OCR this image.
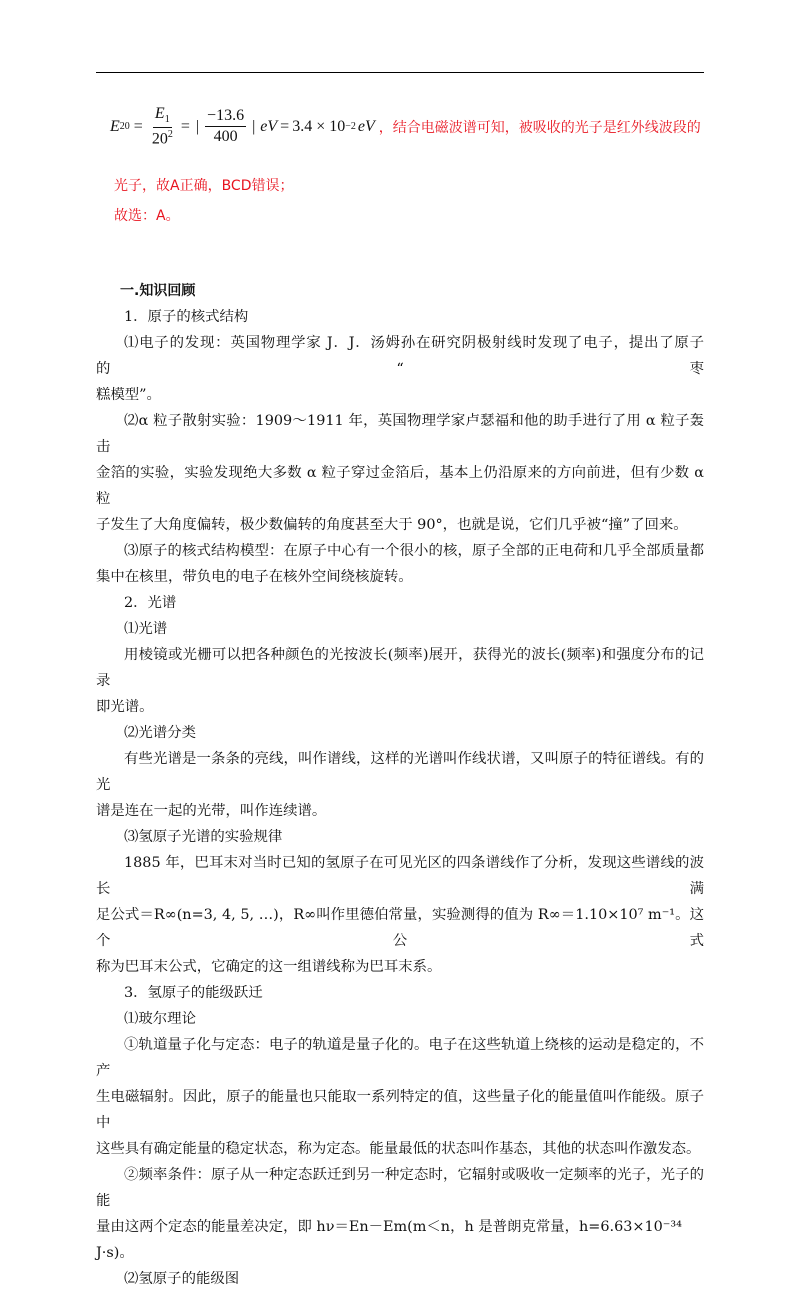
E $20 = \frac{E_1}{20^2}$ = | $\frac{-13.6}{400}$ | eV = 3.4 × 10 −2 eV ，结合电磁波谱可知，被吸收的光子是红外线波段的
光子，故A正确，BCD错误；
故选：A。

一.知识回顾

1．原子的核式结构

⑴电子的发现：英国物理学家 J．J．汤姆孙在研究阴极射线时发现了电子，提出了原子的“枣

糕模型”。

⑵α 粒子散射实验：1909～1911 年，英国物理学家卢瑟福和他的助手进行了用 α 粒子轰击

金箔的实验，实验发现绝大多数 α 粒子穿过金箔后，基本上仍沿原来的方向前进，但有少数 α 粒

子发生了大角度偏转，极少数偏转的角度甚至大于 90°，也就是说，它们几乎被“撞”了回来。

⑶原子的核式结构模型：在原子中心有一个很小的核，原子全部的正电荷和几乎全部质量都

集中在核里，带负电的电子在核外空间绕核旋转。

2．光谱

⑴光谱

用棱镜或光栅可以把各种颜色的光按波长(频率)展开，获得光的波长(频率)和强度分布的记录

即光谱。

⑵光谱分类

有些光谱是一条条的亮线，叫作谱线，这样的光谱叫作线状谱，又叫原子的特征谱线。有的光

谱是连在一起的光带，叫作连续谱。

⑶氢原子光谱的实验规律

1885 年，巴耳末对当时已知的氢原子在可见光区的四条谱线作了分析，发现这些谱线的波长满

足公式＝R∞(n=3, 4, 5, …)，R∞叫作里德伯常量，实验测得的值为 R∞＝1.10×10⁷ m⁻¹。这个公式

称为巴耳末公式，它确定的这一组谱线称为巴耳末系。

3．氢原子的能级跃迁

⑴玻尔理论

①轨道量子化与定态：电子的轨道是量子化的。电子在这些轨道上绕核的运动是稳定的，不产

生电磁辐射。因此，原子的能量也只能取一系列特定的值，这些量子化的能量值叫作能级。原子中

这些具有确定能量的稳定状态，称为定态。能量最低的状态叫作基态，其他的状态叫作激发态。

②频率条件：原子从一种定态跃迁到另一种定态时，它辐射或吸收一定频率的光子，光子的能

量由这两个定态的能量差决定，即 hν＝En－Em(m＜n，h 是普朗克常量，h=6.63×10⁻³⁴ J·s)。

⑵氢原子的能级图
